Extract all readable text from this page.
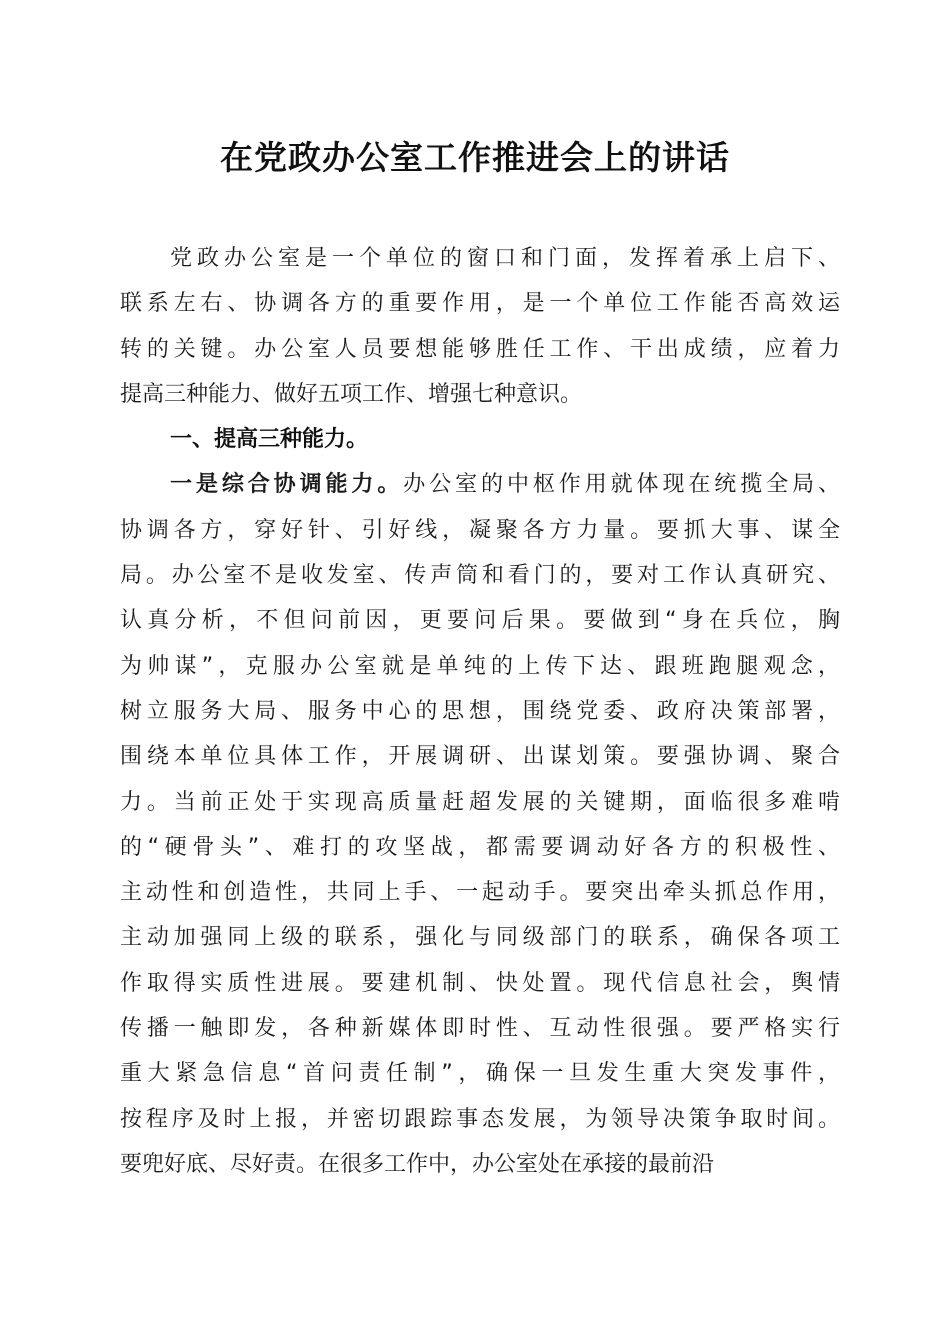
在党政办公室工作推进会上的讲话
党政办公室是一个单位的窗口和门面，发挥着承上启下、
联系左右、协调各方的重要作用，是一个单位工作能否高效运
转的关键。办公室人员要想能够胜任工作、干出成绩，应着力
提高三种能力、做好五项工作、增强七种意识。
一、提高三种能力。
一是综合协调能力。办公室的中枢作用就体现在统揽全局、
协调各方，穿好针、引好线，凝聚各方力量。要抓大事、谋全
局。办公室不是收发室、传声筒和看门的，要对工作认真研究、
认真分析，不但问前因，更要问后果。要做到“身在兵位，胸
为帅谋”，克服办公室就是单纯的上传下达、跟班跑腿观念，
树立服务大局、服务中心的思想，围绕党委、政府决策部署，
围绕本单位具体工作，开展调研、出谋划策。要强协调、聚合
力。当前正处于实现高质量赶超发展的关键期，面临很多难啃
的“硬骨头”、难打的攻坚战，都需要调动好各方的积极性、
主动性和创造性，共同上手、一起动手。要突出牵头抓总作用，
主动加强同上级的联系，强化与同级部门的联系，确保各项工
作取得实质性进展。要建机制、快处置。现代信息社会，舆情
传播一触即发，各种新媒体即时性、互动性很强。要严格实行
重大紧急信息“首问责任制”，确保一旦发生重大突发事件，
按程序及时上报，并密切跟踪事态发展，为领导决策争取时间。
要兜好底、尽好责。在很多工作中，办公室处在承接的最前沿
